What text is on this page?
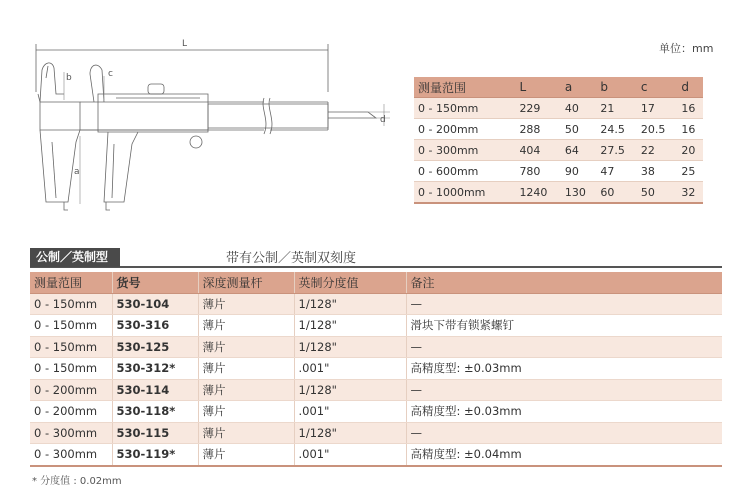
L
b	c
a
d
单位：mm
测量范围	L	a	b	c	d
0 - 150mm	229	40	21	17	16
0 - 200mm	288	50	24.5	20.5	16
0 - 300mm	404	64	27.5	22	20
0 - 600mm	780	90	47	38	25
0 - 1000mm	1240	130	60	50	32
公制／英制型	带有公制／英制双刻度
测量范围	货号	深度测量杆	英制分度值	备注
0 - 150mm	530-104	薄片	1/128"	—
0 - 150mm	530-316	薄片	1/128"	滑块下带有锁紧螺钉
0 - 150mm	530-125	薄片	1/128"	—
0 - 150mm	530-312*	薄片	.001"	高精度型: ±0.03mm
0 - 200mm	530-114	薄片	1/128"	—
0 - 200mm	530-118*	薄片	.001"	高精度型: ±0.03mm
0 - 300mm	530-115	薄片	1/128"	—
0 - 300mm	530-119*	薄片	.001"	高精度型: ±0.04mm
* 分度值 : 0.02mm
